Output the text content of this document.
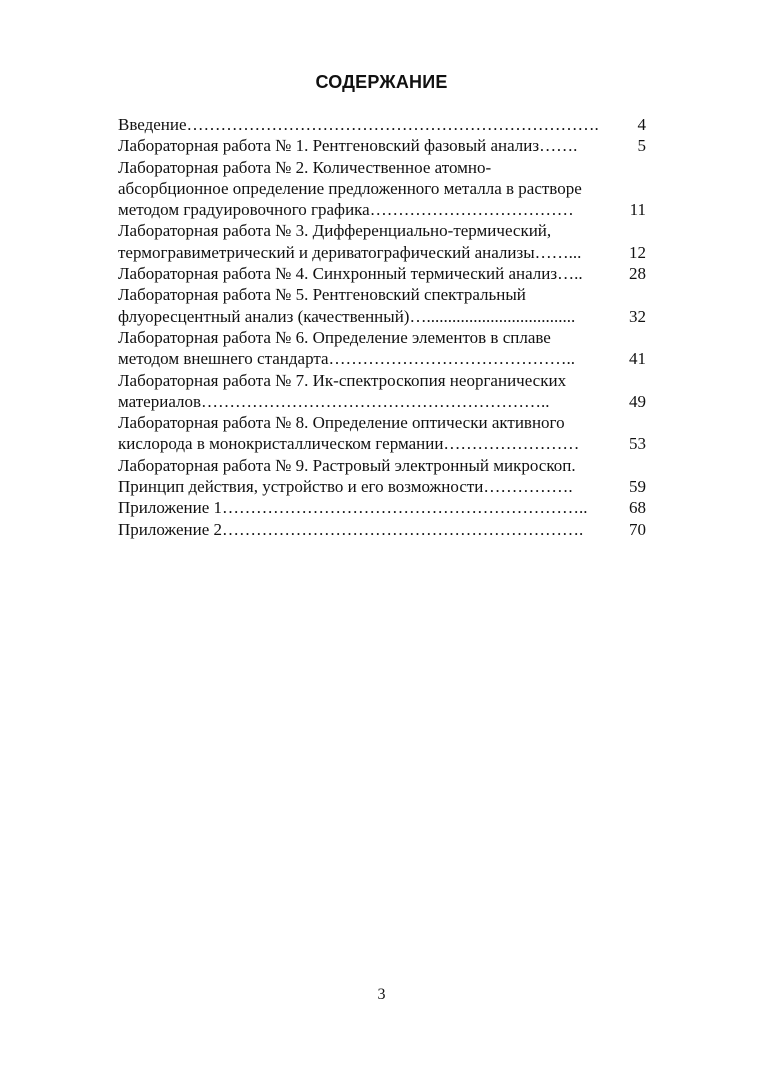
СОДЕРЖАНИЕ
Введение……………………………………………………………….	4
Лабораторная работа № 1. Рентгеновский фазовый анализ…….	5
Лабораторная работа № 2. Количественное атомно-
абсорбционное определение предложенного металла в растворе
методом градуировочного графика………………………………	11
Лабораторная работа № 3. Дифференциально-термический,
термогравиметрический и дериватографический анализы……...	12
Лабораторная работа № 4. Синхронный термический анализ…..	28
Лабораторная работа № 5. Рентгеновский спектральный
флуоресцентный анализ (качественный)…...................................	32
Лабораторная работа № 6. Определение элементов в сплаве
методом внешнего стандарта……………………………………..	41
Лабораторная работа № 7. Ик-спектроскопия неорганических
материалов……………………………………………………..	49
Лабораторная работа № 8. Определение оптически активного
кислорода в монокристаллическом германии……………………	53
Лабораторная работа № 9. Растровый электронный микроскоп.
Принцип действия, устройство и его возможности…………….	59
Приложение 1………………………………………………………..	68
Приложение 2……………………………………………………….	70
3
